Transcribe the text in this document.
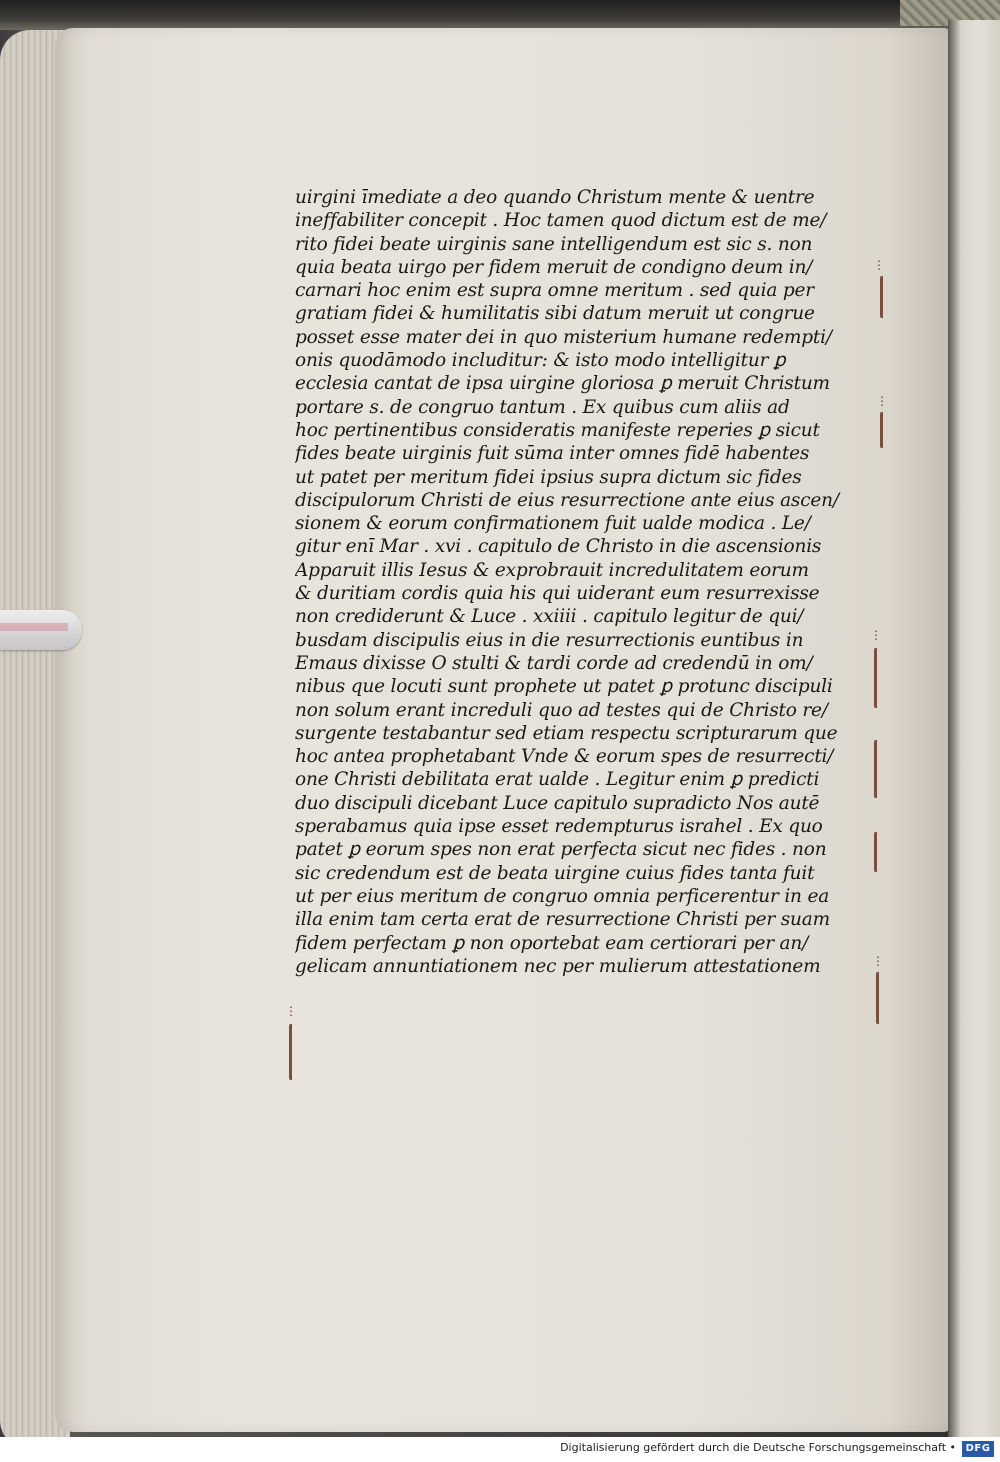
uirgini īmediate a deo quando Christum mente & uentre
ineffabiliter concepit . Hoc tamen quod dictum est de me/
rito fidei beate uirginis sane intelligendum est sic s. non
quia beata uirgo per fidem meruit de condigno deum in/
carnari hoc enim est supra omne meritum . sed quia per
gratiam fidei & humilitatis sibi datum meruit ut congrue
posset esse mater dei in quo misterium humane redempti/
onis quodāmodo includitur: & isto modo intelligitur ꝑ
ecclesia cantat de ipsa uirgine gloriosa ꝑ meruit Christum
portare s. de congruo tantum . Ex quibus cum aliis ad
hoc pertinentibus consideratis manifeste reperies ꝑ sicut
fides beate uirginis fuit sūma inter omnes fidē habentes
ut patet per meritum fidei ipsius supra dictum sic fides
discipulorum Christi de eius resurrectione ante eius ascen/
sionem & eorum confirmationem fuit ualde modica . Le/
gitur enī Mar . xvi . capitulo de Christo in die ascensionis
Apparuit illis Iesus & exprobrauit incredulitatem eorum
& duritiam cordis quia his qui uiderant eum resurrexisse
non crediderunt & Luce . xxiiii . capitulo legitur de qui/
busdam discipulis eius in die resurrectionis euntibus in
Emaus dixisse O stulti & tardi corde ad credendū in om/
nibus que locuti sunt prophete ut patet ꝑ protunc discipuli
non solum erant increduli quo ad testes qui de Christo re/
surgente testabantur sed etiam respectu scripturarum que
hoc antea prophetabant Vnde & eorum spes de resurrecti/
one Christi debilitata erat ualde . Legitur enim ꝑ predicti
duo discipuli dicebant Luce capitulo supradicto Nos autē
sperabamus quia ipse esset redempturus israhel . Ex quo
patet ꝑ eorum spes non erat perfecta sicut nec fides . non
sic credendum est de beata uirgine cuius fides tanta fuit
ut per eius meritum de congruo omnia perficerentur in ea
illa enim tam certa erat de resurrectione Christi per suam
fidem perfectam ꝑ non oportebat eam certiorari per an/
gelicam annuntiationem nec per mulierum attestationem
⋮
⋮
⋮
⋮
⋮
Digitalisierung gefördert durch die Deutsche Forschungsgemeinschaft • DFG
